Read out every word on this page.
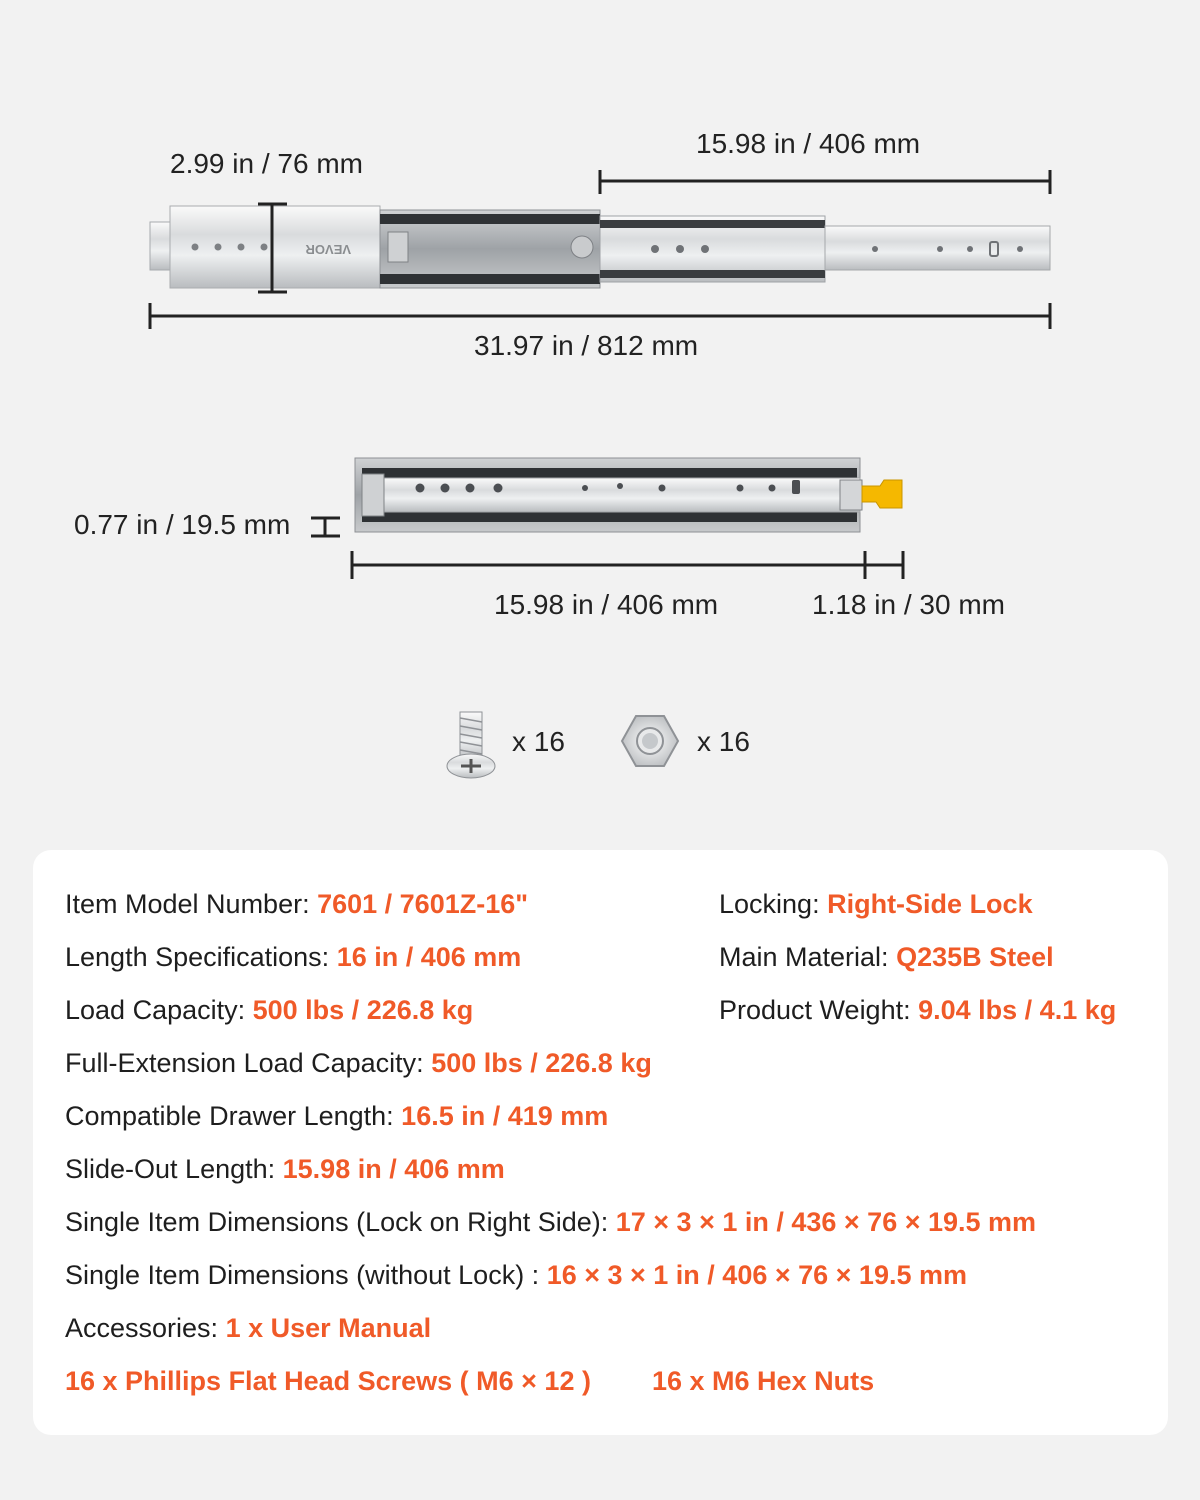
VEVOR
2.99 in / 76 mm
15.98 in / 406 mm
31.97 in / 812 mm
0.77 in / 19.5 mm
15.98 in / 406 mm	1.18 in / 30 mm
x 16	x 16
Item Model Number: 7601 / 7601Z-16"
Length Specifications: 16 in / 406 mm
Load Capacity: 500 lbs / 226.8 kg
Full-Extension Load Capacity: 500 lbs / 226.8 kg
Compatible Drawer Length: 16.5 in / 419 mm
Slide-Out Length: 15.98 in / 406 mm
Single Item Dimensions (Lock on Right Side): 17 × 3 × 1 in / 436 × 76 × 19.5 mm
Single Item Dimensions (without Lock) : 16 × 3 × 1 in / 406 × 76 × 19.5 mm
Accessories: 1 x User Manual
16 x Phillips Flat Head Screws ( M6 × 12 ) 16 x M6 Hex Nuts
Locking: Right-Side Lock
Main Material: Q235B Steel
Product Weight: 9.04 lbs / 4.1 kg
